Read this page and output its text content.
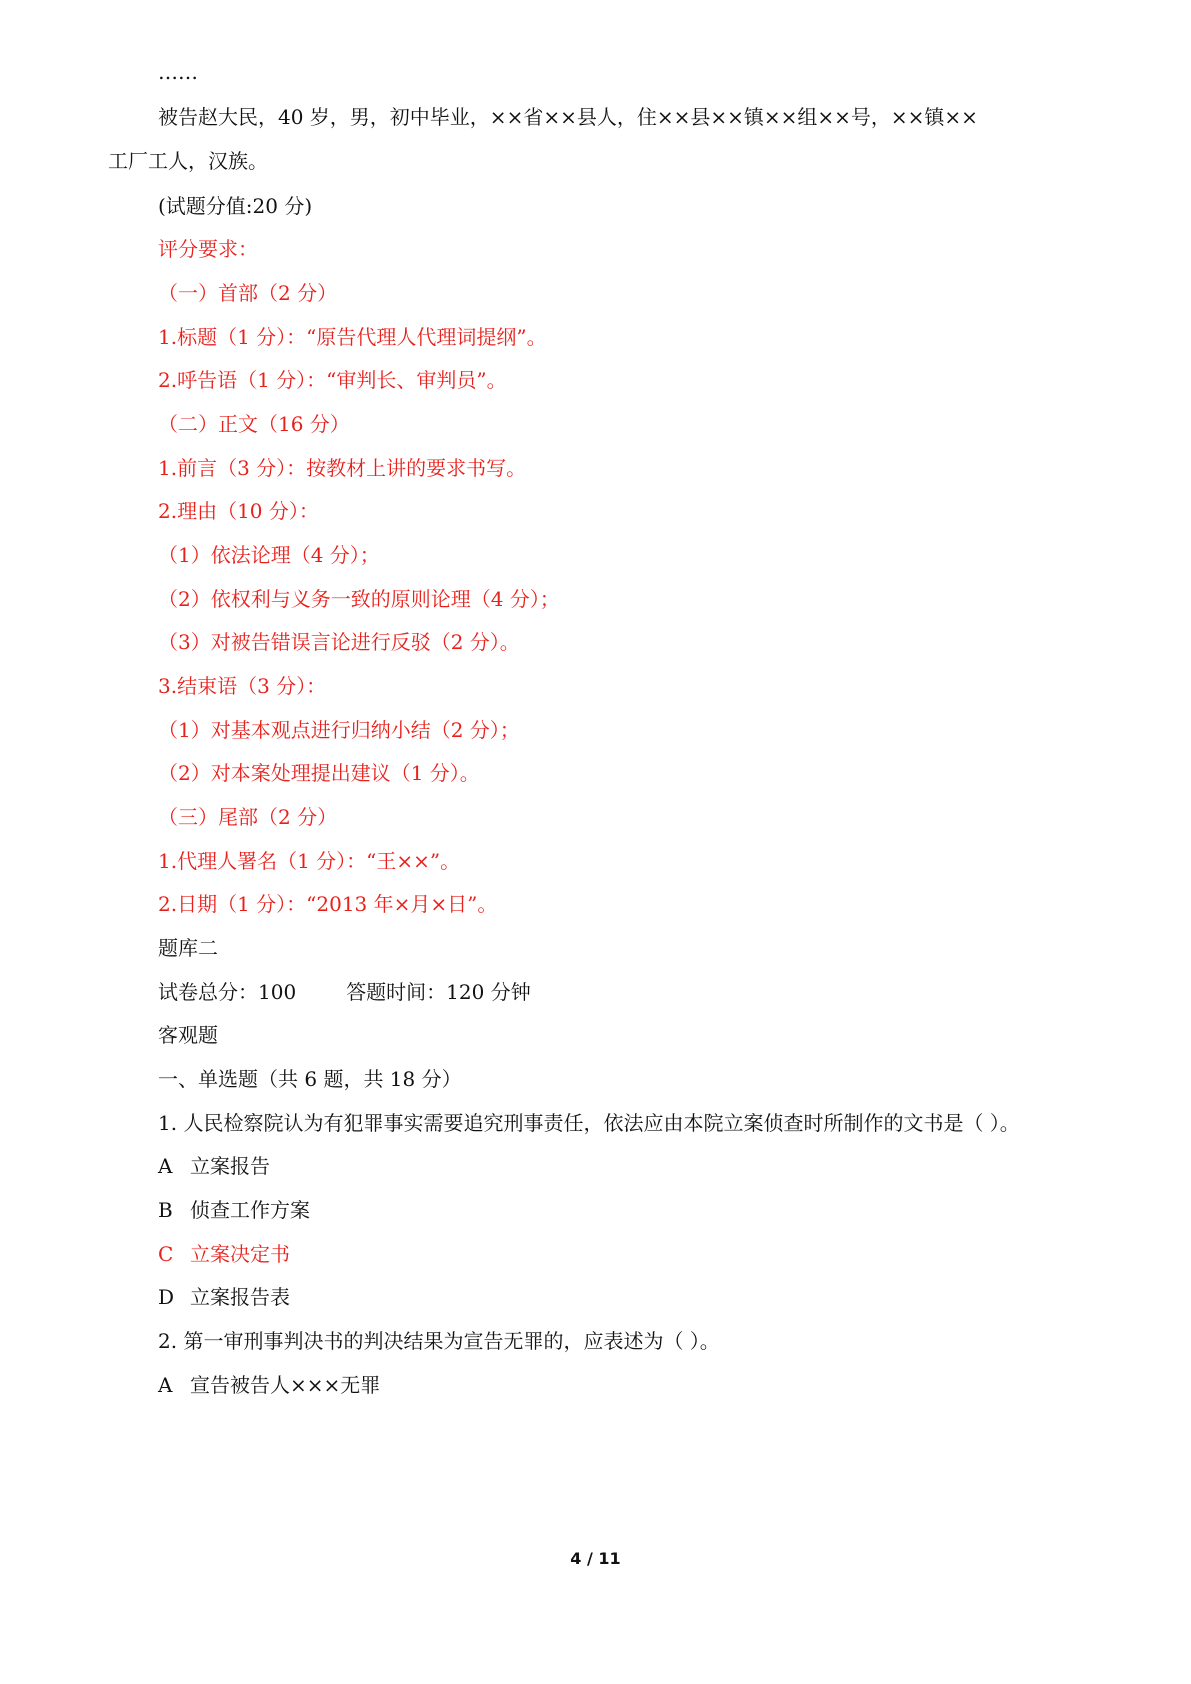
……

被告赵大民，40 岁，男，初中毕业，××省××县人，住××县××镇××组××号，××镇××

工厂工人，汉族。

(试题分值:20 分)

评分要求：

（一）首部（2 分）

1.标题（1 分）：“原告代理人代理词提纲”。

2.呼告语（1 分）：“审判长、审判员”。

（二）正文（16 分）

1.前言（3 分）：按教材上讲的要求书写。

2.理由（10 分）：

（1）依法论理（4 分）；

（2）依权利与义务一致的原则论理（4 分）；

（3）对被告错误言论进行反驳（2 分）。

3.结束语（3 分）：

（1）对基本观点进行归纳小结（2 分）；

（2）对本案处理提出建议（1 分）。

（三）尾部（2 分）

1.代理人署名（1 分）：“王××”。

2.日期（1 分）：“2013 年×月×日”。

题库二

试卷总分：100	答题时间：120 分钟

客观题

一、单选题（共 6 题，共 18 分）

1. 人民检察院认为有犯罪事实需要追究刑事责任，依法应由本院立案侦查时所制作的文书是（ ）。

A 立案报告

B 侦查工作方案

C 立案决定书

D 立案报告表

2. 第一审刑事判决书的判决结果为宣告无罪的，应表述为（ ）。

A 宣告被告人×××无罪

4 / 11
